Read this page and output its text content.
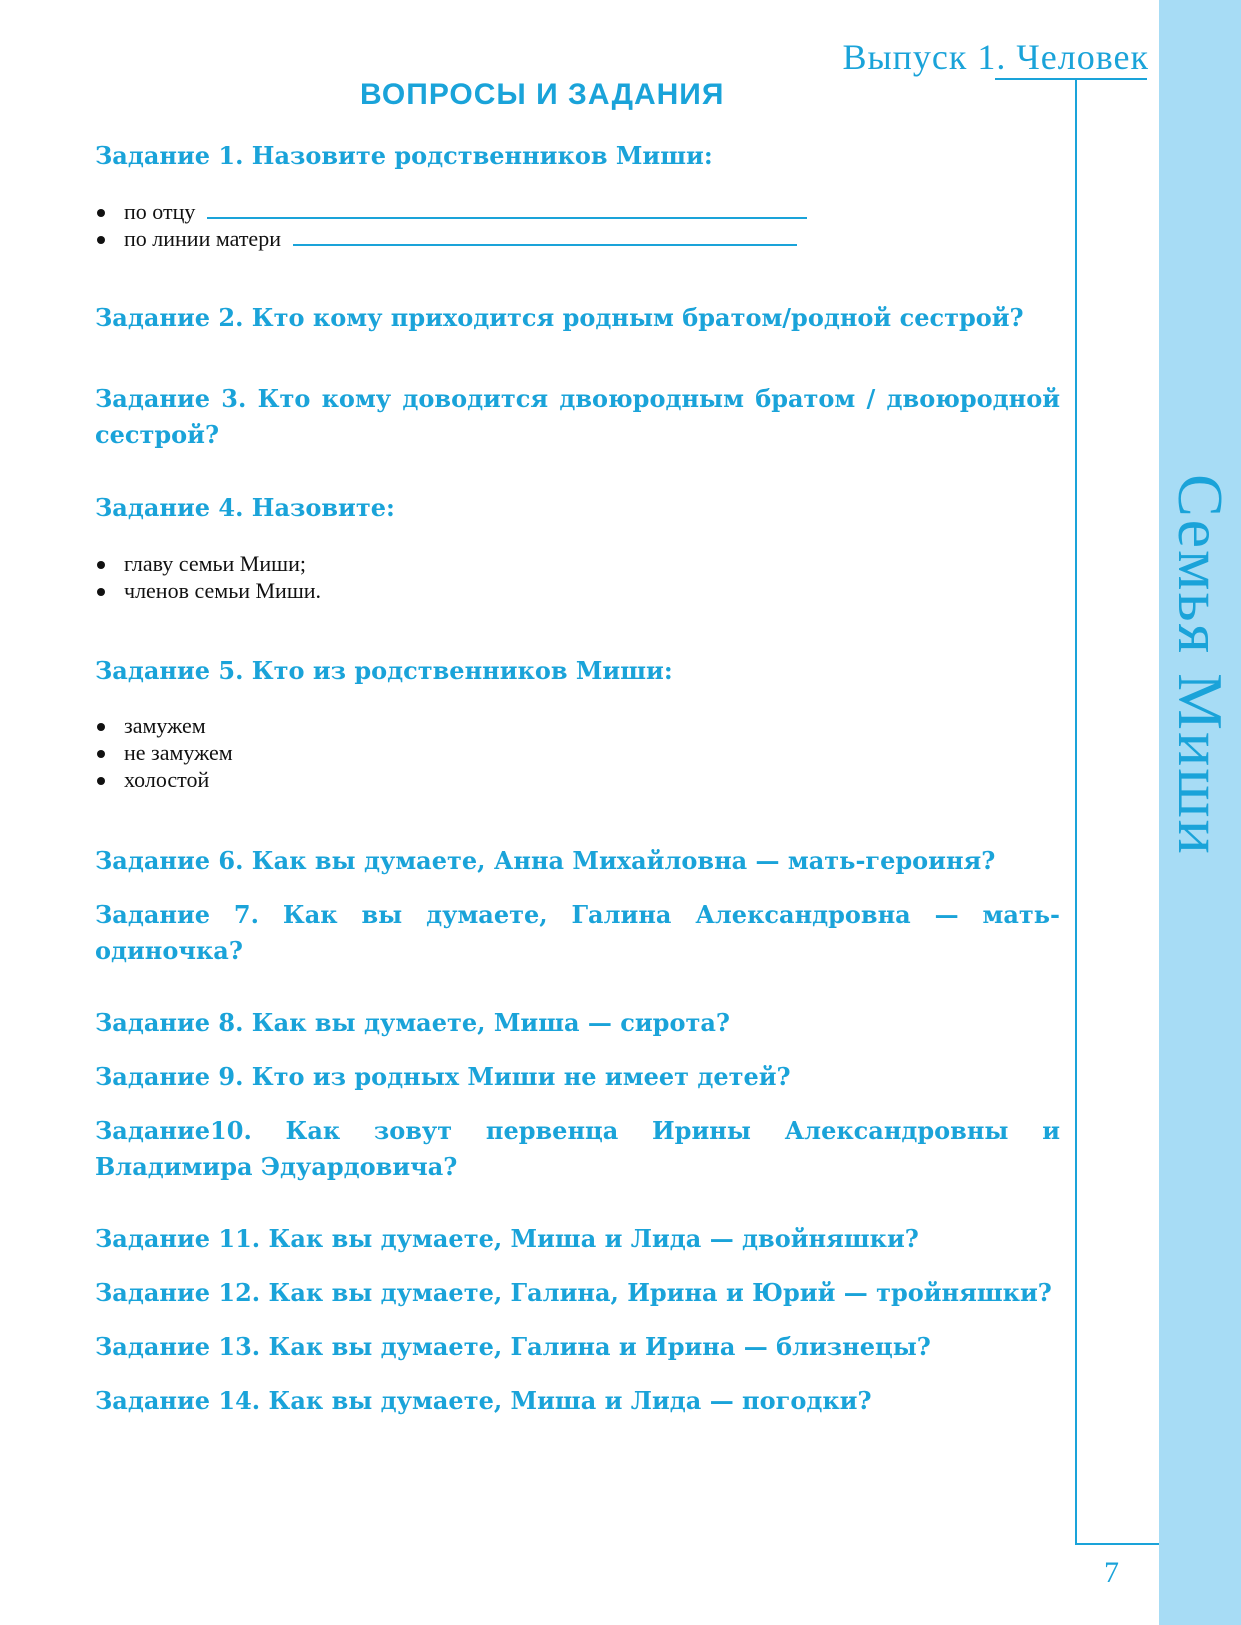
Семья Миши
Выпуск 1. Человек
7
ВОПРОСЫ И ЗАДАНИЯ
Задание 1. Назовите родственников Миши:
по отцу
по линии матери
Задание 2. Кто кому приходится родным братом/родной сестрой?
Задание 3. Кто кому доводится двоюродным братом / двоюродной сестрой?
Задание 4. Назовите:
главу семьи Миши;
членов семьи Миши.
Задание 5. Кто из родственников Миши:
замужем
не замужем
холостой
Задание 6. Как вы думаете, Анна Михайловна — мать-героиня?
Задание 7. Как вы думаете, Галина Александровна — мать-одиночка?
Задание 8. Как вы думаете, Миша — сирота?
Задание 9. Кто из родных Миши не имеет детей?
Задание10. Как зовут первенца Ирины Александровны и Владимира Эдуардовича?
Задание 11. Как вы думаете, Миша и Лида — двойняшки?
Задание 12. Как вы думаете, Галина, Ирина и Юрий — тройняшки?
Задание 13. Как вы думаете, Галина и Ирина — близнецы?
Задание 14. Как вы думаете, Миша и Лида — погодки?
